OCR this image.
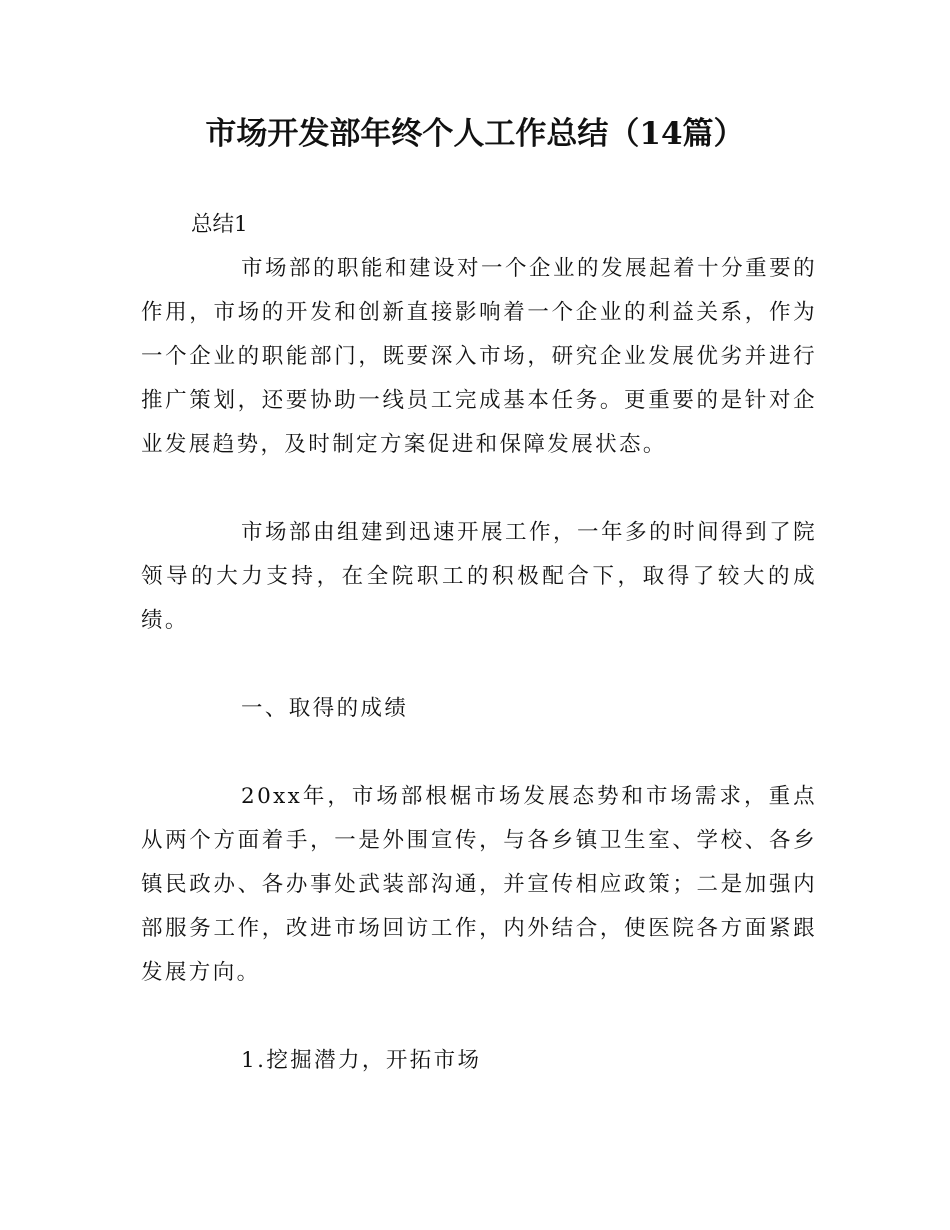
市场开发部年终个人工作总结（14篇）

总结1

市场部的职能和建设对一个企业的发展起着十分重要的作用，市场的开发和创新直接影响着一个企业的利益关系，作为一个企业的职能部门，既要深入市场，研究企业发展优劣并进行推广策划，还要协助一线员工完成基本任务。更重要的是针对企业发展趋势，及时制定方案促进和保障发展状态。

市场部由组建到迅速开展工作，一年多的时间得到了院领导的大力支持，在全院职工的积极配合下，取得了较大的成绩。

一、取得的成绩

20xx年，市场部根椐市场发展态势和市场需求，重点从两个方面着手，一是外围宣传，与各乡镇卫生室、学校、各乡镇民政办、各办事处武装部沟通，并宣传相应政策；二是加强内部服务工作，改进市场回访工作，内外结合，使医院各方面紧跟发展方向。

1.挖掘潜力，开拓市场
